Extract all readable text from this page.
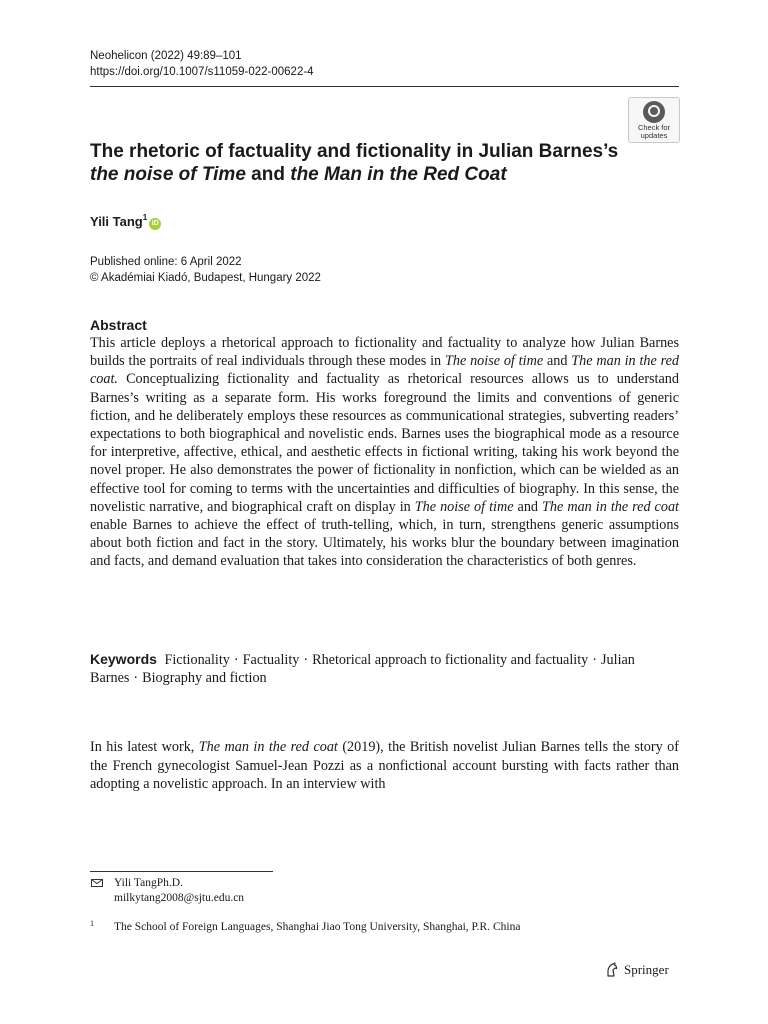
Neohelicon (2022) 49:89–101
https://doi.org/10.1007/s11059-022-00622-4
Check for
updates
The rhetoric of factuality and fictionality in Julian Barnes’s
the noise of Time and the Man in the Red Coat
Yili Tang$^1$iD
Published online: 6 April 2022
© Akadémiai Kiadó, Budapest, Hungary 2022
Abstract

This article deploys a rhetorical approach to fictionality and factuality to analyze how Julian Barnes builds the portraits of real individuals through these modes in The noise of time and The man in the red coat. Conceptualizing fictionality and factuality as rhetorical resources allows us to understand Barnes’s writing as a separate form. His works foreground the limits and conventions of generic fiction, and he deliberately employs these resources as communicational strategies, subverting readers’ expectations to both biographical and novelistic ends. Barnes uses the biographical mode as a resource for interpretive, affective, ethical, and aesthetic effects in fictional writing, taking his work beyond the novel proper. He also demonstrates the power of fictionality in nonfiction, which can be wielded as an effective tool for coming to terms with the uncertainties and difficulties of biography. In this sense, the novelistic narrative, and biographical craft on display in The noise of time and The man in the red coat enable Barnes to achieve the effect of truth-telling, which, in turn, strengthens generic assumptions about both fiction and fact in the story. Ultimately, his works blur the boundary between imagination and facts, and demand evaluation that takes into consideration the characteristics of both genres.

Keywords Fictionality · Factuality · Rhetorical approach to fictionality and factuality · Julian Barnes · Biography and fiction

In his latest work, The man in the red coat (2019), the British novelist Julian Barnes tells the story of the French gynecologist Samuel-Jean Pozzi as a nonfictional account bursting with facts rather than adopting a novelistic approach. In an interview with

Yili TangPh.D.
milkytang2008@sjtu.edu.cn
1 The School of Foreign Languages, Shanghai Jiao Tong University, Shanghai, P.R. China
Springer
